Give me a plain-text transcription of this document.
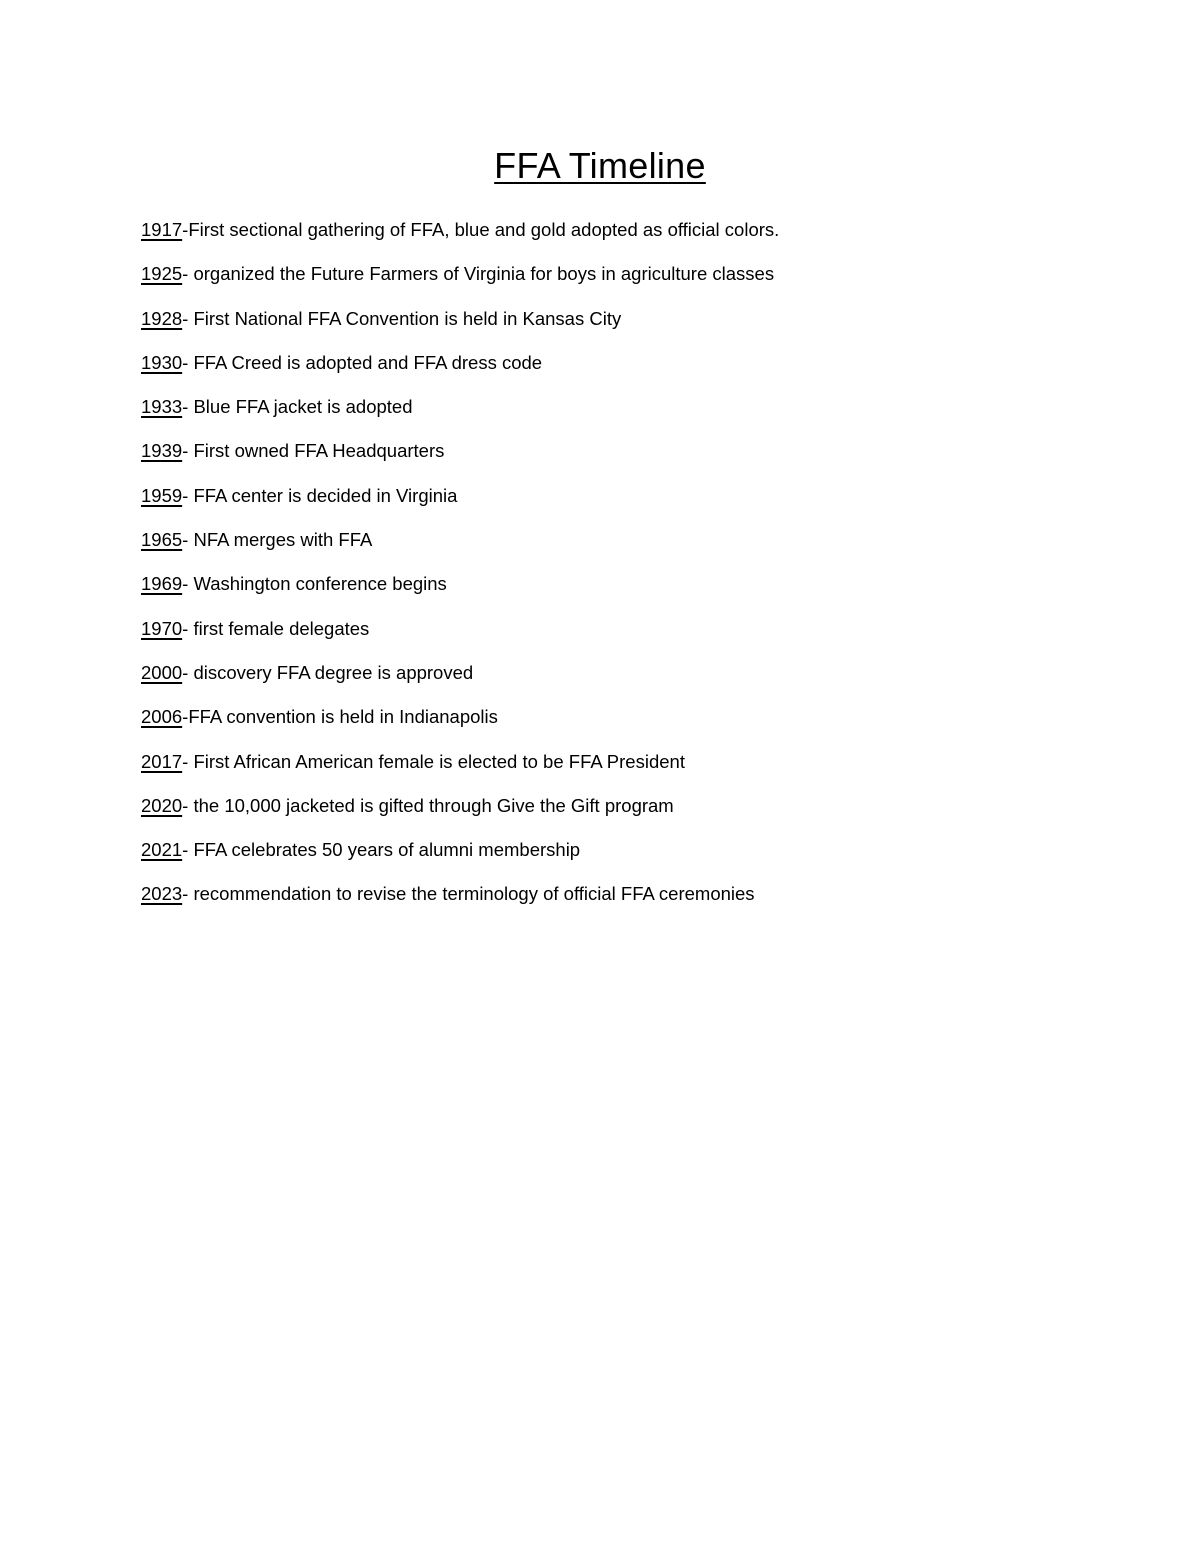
FFA Timeline
1917-First sectional gathering of FFA, blue and gold adopted as official colors.
1925- organized the Future Farmers of Virginia for boys in agriculture classes
1928- First National FFA Convention is held in Kansas City
1930- FFA Creed is adopted and FFA dress code
1933- Blue FFA jacket is adopted
1939- First owned FFA Headquarters
1959- FFA center is decided in Virginia
1965- NFA merges with FFA
1969- Washington conference begins
1970- first female delegates
2000- discovery FFA degree is approved
2006-FFA convention is held in Indianapolis
2017- First African American female is elected to be FFA President
2020- the 10,000 jacketed is gifted through Give the Gift program
2021- FFA celebrates 50 years of alumni membership
2023- recommendation to revise the terminology of official FFA ceremonies
